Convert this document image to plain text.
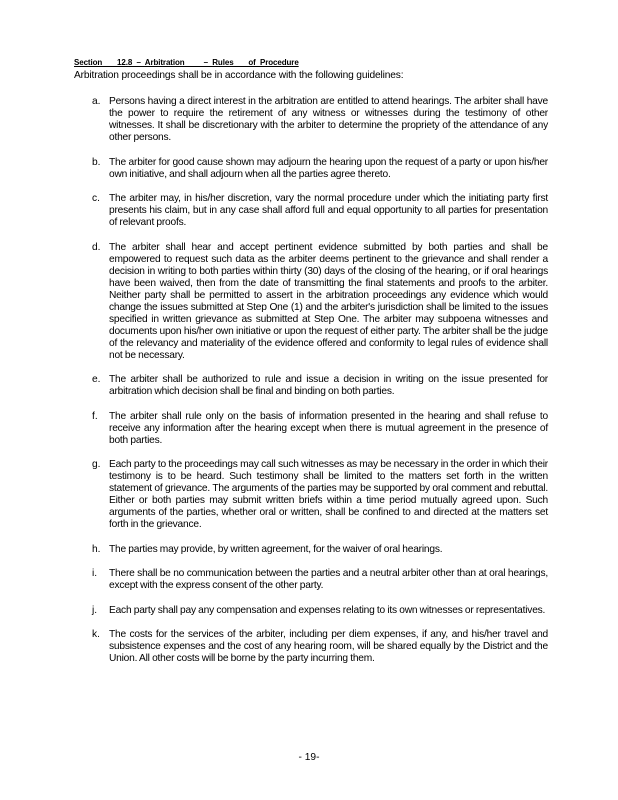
Section       12.8  –  Arbitration         –  Rules       of  Procedure
Arbitration proceedings shall be in accordance with the following guidelines:
a. Persons having a direct interest in the arbitration are entitled to attend hearings. The arbiter shall have the power to require the retirement of any witness or witnesses during the testimony of other witnesses. It shall be discretionary with the arbiter to determine the propriety of the attendance of any other persons.
b. The arbiter for good cause shown may adjourn the hearing upon the request of a party or upon his/her own initiative, and shall adjourn when all the parties agree thereto.
c. The arbiter may, in his/her discretion, vary the normal procedure under which the initiating party first presents his claim, but in any case shall afford full and equal opportunity to all parties for presentation of relevant proofs.
d. The arbiter shall hear and accept pertinent evidence submitted by both parties and shall be empowered to request such data as the arbiter deems pertinent to the grievance and shall render a decision in writing to both parties within thirty (30) days of the closing of the hearing, or if oral hearings have been waived, then from the date of transmitting the final statements and proofs to the arbiter. Neither party shall be permitted to assert in the arbitration proceedings any evidence which would change the issues submitted at Step One (1) and the arbiter's jurisdiction shall be limited to the issues specified in written grievance as submitted at Step One. The arbiter may subpoena witnesses and documents upon his/her own initiative or upon the request of either party. The arbiter shall be the judge of the relevancy and materiality of the evidence offered and conformity to legal rules of evidence shall not be necessary.
e. The arbiter shall be authorized to rule and issue a decision in writing on the issue presented for arbitration which decision shall be final and binding on both parties.
f. The arbiter shall rule only on the basis of information presented in the hearing and shall refuse to receive any information after the hearing except when there is mutual agreement in the presence of both parties.
g. Each party to the proceedings may call such witnesses as may be necessary in the order in which their testimony is to be heard. Such testimony shall be limited to the matters set forth in the written statement of grievance. The arguments of the parties may be supported by oral comment and rebuttal. Either or both parties may submit written briefs within a time period mutually agreed upon. Such arguments of the parties, whether oral or written, shall be confined to and directed at the matters set forth in the grievance.
h. The parties may provide, by written agreement, for the waiver of oral hearings.
i. There shall be no communication between the parties and a neutral arbiter other than at oral hearings, except with the express consent of the other party.
j. Each party shall pay any compensation and expenses relating to its own witnesses or representatives.
k. The costs for the services of the arbiter, including per diem expenses, if any, and his/her travel and subsistence expenses and the cost of any hearing room, will be shared equally by the District and the Union. All other costs will be borne by the party incurring them.
- 19-
